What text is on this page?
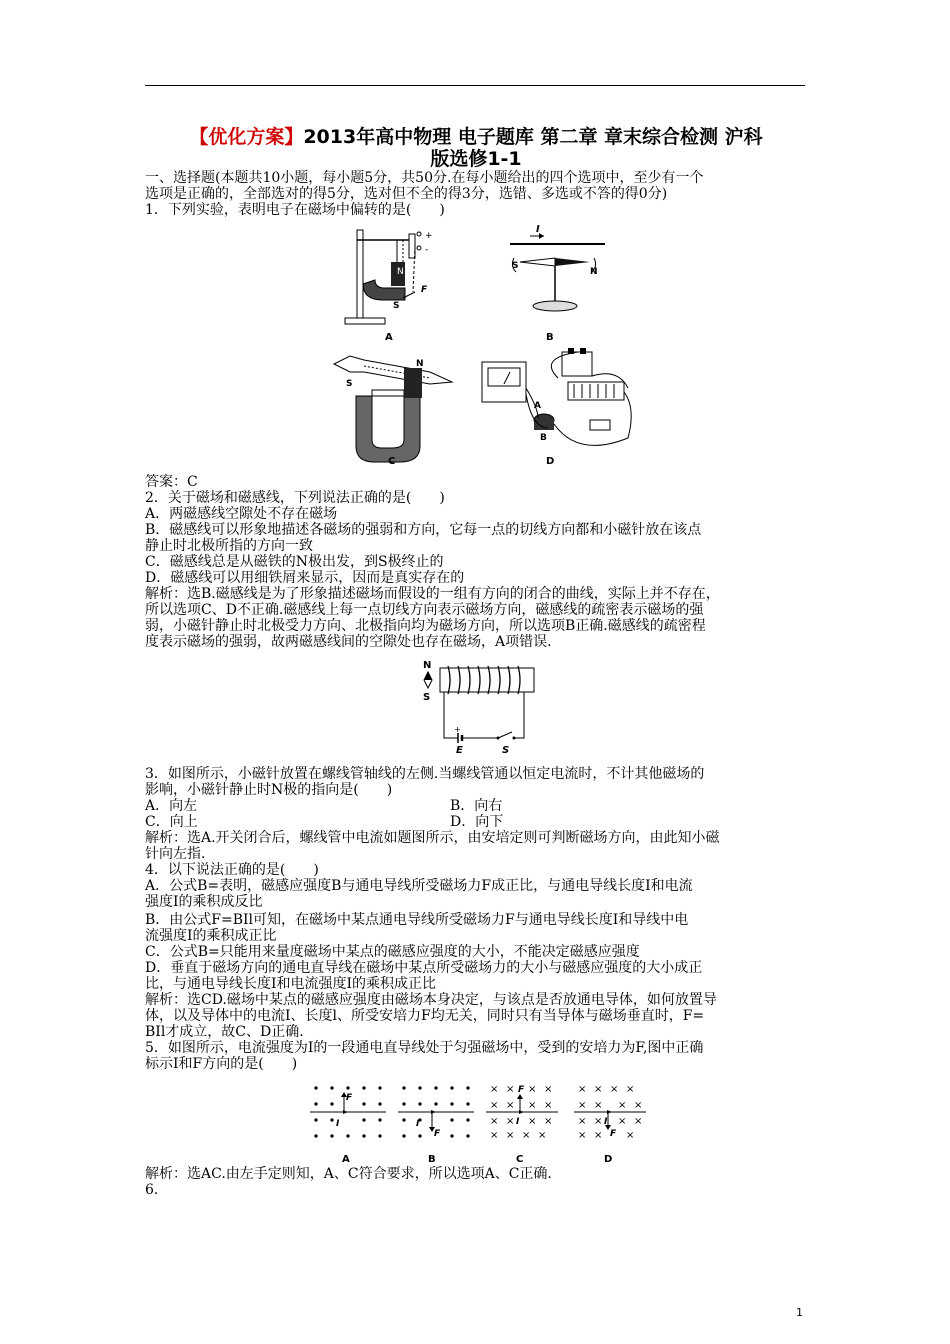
【优化方案】2013年高中物理 电子题库 第二章 章末综合检测 沪科
版选修1-1
一、选择题(本题共10小题，每小题5分，共50分.在每小题给出的四个选项中，至少有一个
选项是正确的，全部选对的得5分，选对但不全的得3分，选错、多选或不答的得0分)
1．下列实验，表明电子在磁场中偏转的是(　　)
N
S
F
+
-
A
I
S
N
B
N
S
C
A
B
D
答案：C
2．关于磁场和磁感线，下列说法正确的是(　　)
A．两磁感线空隙处不存在磁场
B．磁感线可以形象地描述各磁场的强弱和方向，它每一点的切线方向都和小磁针放在该点
静止时北极所指的方向一致
C．磁感线总是从磁铁的N极出发，到S极终止的
D．磁感线可以用细铁屑来显示，因而是真实存在的
解析：选B.磁感线是为了形象描述磁场而假设的一组有方向的闭合的曲线，实际上并不存在，
所以选项C、D不正确.磁感线上每一点切线方向表示磁场方向，磁感线的疏密表示磁场的强
弱，小磁针静止时北极受力方向、北极指向均为磁场方向，所以选项B正确.磁感线的疏密程
度表示磁场的强弱，故两磁感线间的空隙处也存在磁场，A项错误.
N
S
+
E	S
3．如图所示，小磁针放置在螺线管轴线的左侧.当螺线管通以恒定电流时，不计其他磁场的
影响，小磁针静止时N极的指向是(　　)
A．向左	B．向右
C．向上	D．向下
解析：选A.开关闭合后，螺线管中电流如题图所示，由安培定则可判断磁场方向，由此知小磁
针向左指.
4．以下说法正确的是(　　)
A．公式B=表明，磁感应强度B与通电导线所受磁场力F成正比，与通电导线长度I和电流
强度I的乘积成反比
B．由公式F=BIl可知，在磁场中某点通电导线所受磁场力F与通电导线长度I和导线中电
流强度I的乘积成正比
C．公式B=只能用来量度磁场中某点的磁感应强度的大小，不能决定磁感应强度
D．垂直于磁场方向的通电直导线在磁场中某点所受磁场力的大小与磁感应强度的大小成正
比，与通电导线长度I和电流强度I的乘积成正比
解析：选CD.磁场中某点的磁感应强度由磁场本身决定，与该点是否放通电导体，如何放置导
体，以及导体中的电流I、长度l、所受安培力F均无关，同时只有当导体与磁场垂直时，F=
BIl才成立，故C、D正确.
5．如图所示，电流强度为I的一段通电直导线处于匀强磁场中，受到的安培力为F,图中正确
标示I和F方向的是(　　)
F
I
A
F
I
B
× × × ×
× × × ×
× × × ×
× × × ×
F
I
C
× × × ×
× × × ×
× × × ×
× × ×
F
I
D
解析：选AC.由左手定则知，A、C符合要求，所以选项A、C正确.
6.
1
